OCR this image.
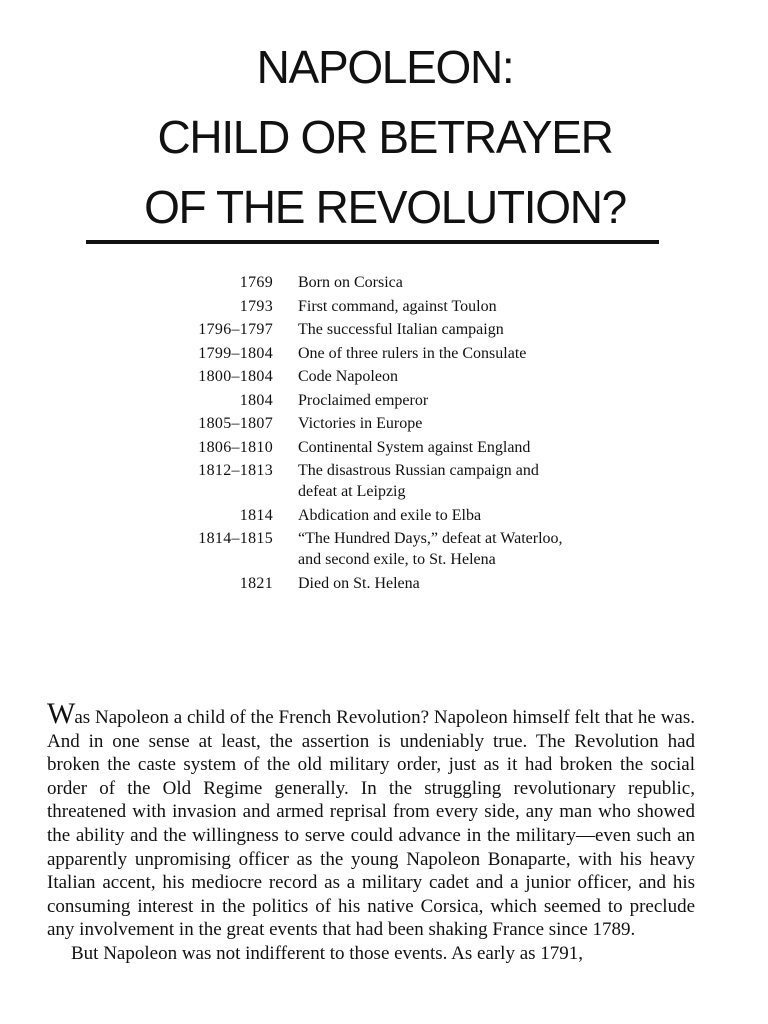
NAPOLEON:
CHILD OR BETRAYER
OF THE REVOLUTION?
1769 Born on Corsica
1793 First command, against Toulon
1796–1797 The successful Italian campaign
1799–1804 One of three rulers in the Consulate
1800–1804 Code Napoleon
1804 Proclaimed emperor
1805–1807 Victories in Europe
1806–1810 Continental System against England
1812–1813 The disastrous Russian campaign and defeat at Leipzig
1814 Abdication and exile to Elba
1814–1815 “The Hundred Days,” defeat at Waterloo, and second exile, to St. Helena
1821 Died on St. Helena

Was Napoleon a child of the French Revolution? Napoleon himself felt that he was. And in one sense at least, the assertion is undeniably true. The Revolution had broken the caste system of the old military order, just as it had broken the social order of the Old Regime generally. In the struggling revolutionary republic, threatened with invasion and armed reprisal from every side, any man who showed the ability and the willingness to serve could advance in the military—even such an apparently unpromising officer as the young Napoleon Bonaparte, with his heavy Italian accent, his mediocre record as a military cadet and a junior officer, and his consuming interest in the politics of his native Corsica, which seemed to preclude any involvement in the great events that had been shaking France since 1789.

But Napoleon was not indifferent to those events. As early as 1791,
